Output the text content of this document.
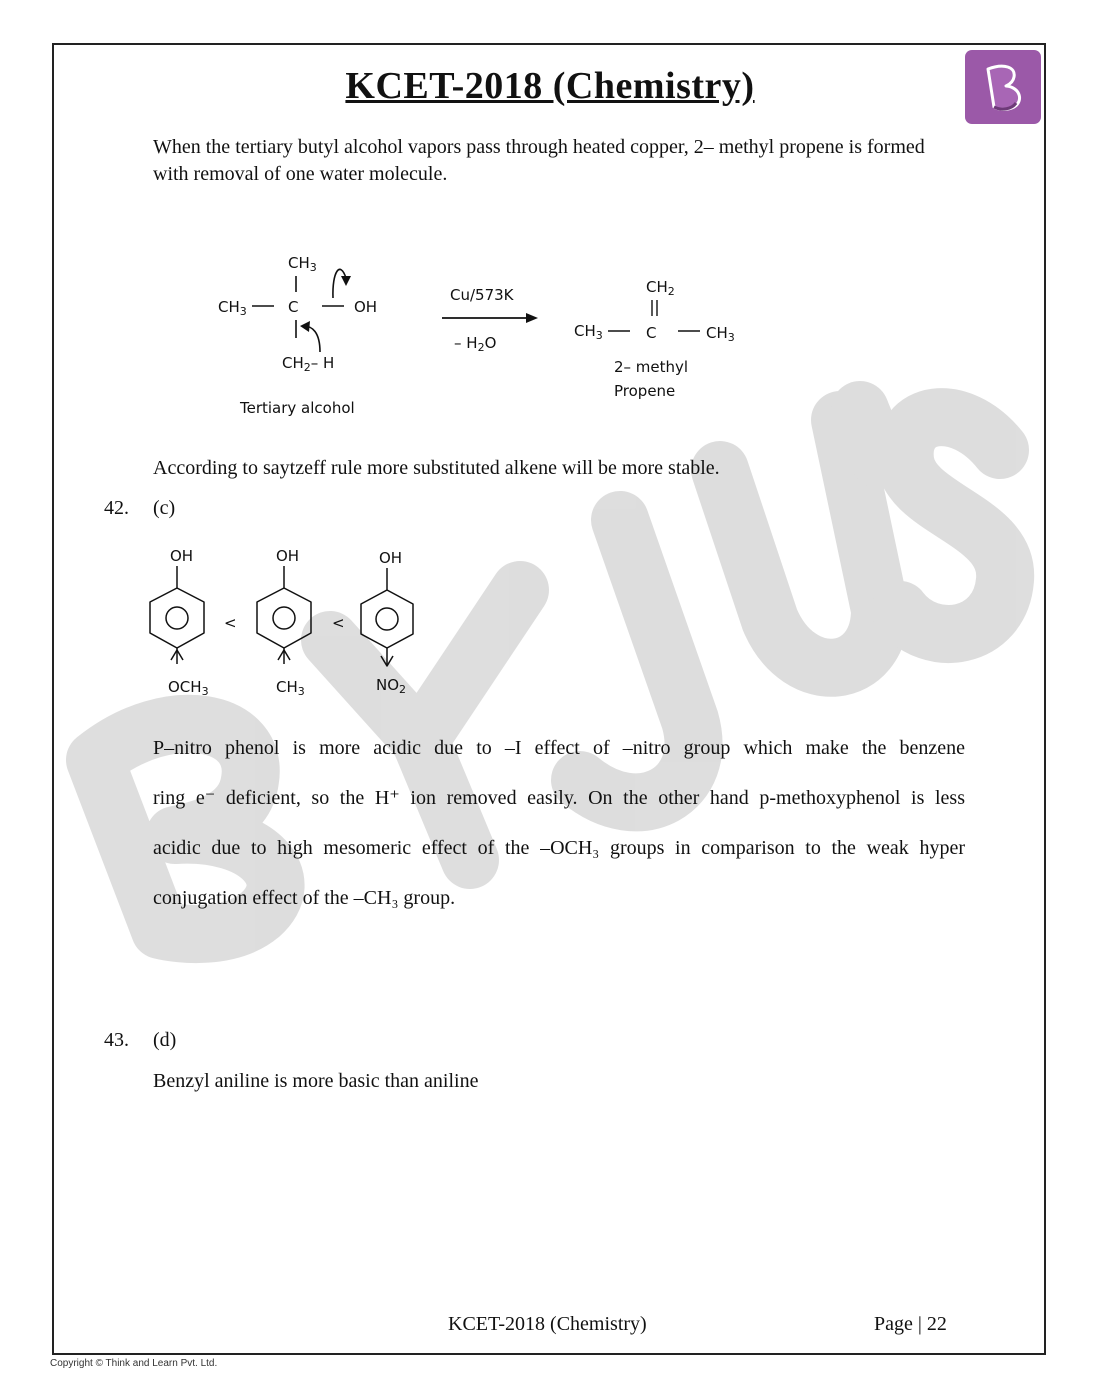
KCET-2018 (Chemistry)
When the tertiary butyl alcohol vapors pass through heated copper, 2– methyl propene is formed with removal of one water molecule.
$CH_3$
$CH_3$	C	OH
$CH_2-$ H
Tertiary alcohol
Cu/573K
– $H_2O$
$CH_2$
$CH_3$	C	$CH_3$
2– methyl
Propene
According to saytzeff rule more substituted alkene will be more stable.
42. (c)
OH
$OCH_3$
<
OH
$CH_3$
<
OH
$NO_2$
P–nitro phenol is more acidic due to –I effect of –nitro group which make the benzene
ring e⁻ deficient, so the H⁺ ion removed easily. On the other hand p-methoxyphenol is less
acidic due to high mesomeric effect of the –OCH₃ groups in comparison to the weak hyper
conjugation effect of the –CH₃ group.
43. (d)
Benzyl aniline is more basic than aniline
KCET-2018 (Chemistry)	Page | 22
Copyright © Think and Learn Pvt. Ltd.
